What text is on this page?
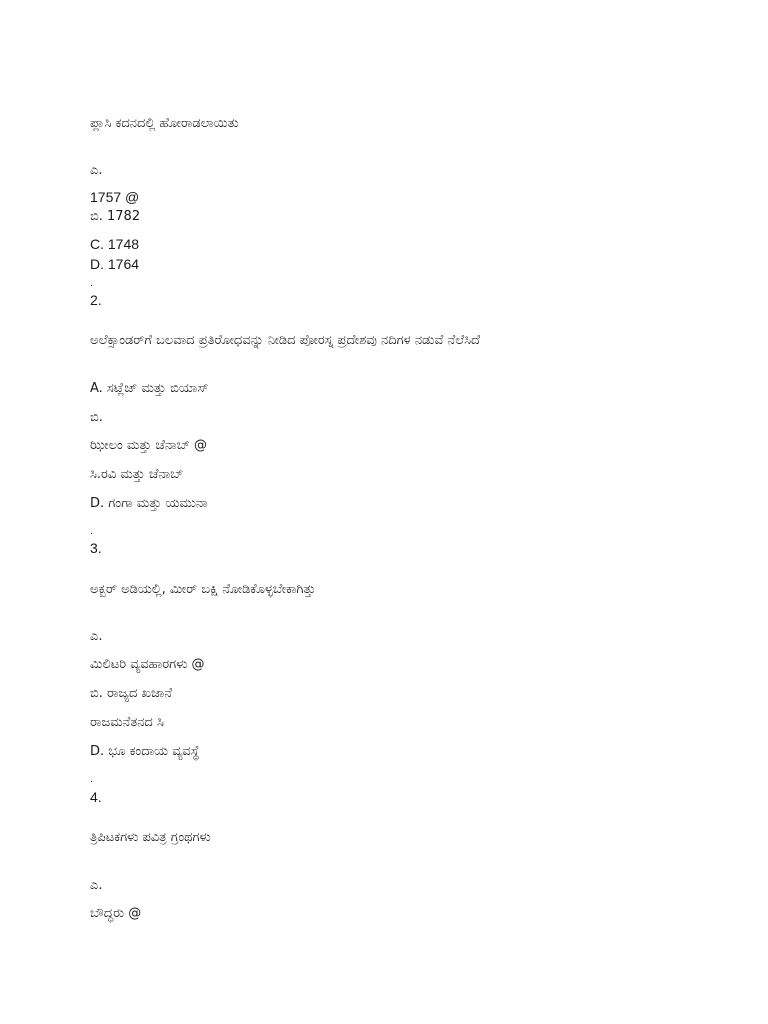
ಪ್ಲಾಸಿ ಕದನದಲ್ಲಿ ಹೋರಾಡಲಾಯಿತು
ಎ.
1757 @
ಬಿ. 1782
C. 1748
D. 1764
.
2.
ಅಲೆಕ್ಸಾಂಡರ್‌ಗೆ ಬಲವಾದ ಪ್ರತಿರೋಧವನ್ನು ನೀಡಿದ ಪೋರಸ್ನ ಪ್ರದೇಶವು ನದಿಗಳ ನಡುವೆ ನೆಲೆಸಿದೆ
A. ಸಟ್ಲೆಜ್ ಮತ್ತು ಬಿಯಾಸ್
ಬಿ.
ಝೀಲಂ ಮತ್ತು ಚೆನಾಬ್ @
ಸಿ.ರವಿ ಮತ್ತು ಚೆನಾಬ್
D. ಗಂಗಾ ಮತ್ತು ಯಮುನಾ
.
3.
ಅಕ್ಬರ್ ಅಡಿಯಲ್ಲಿ, ಮೀರ್ ಬಕ್ಷಿ ನೋಡಿಕೊಳ್ಳಬೇಕಾಗಿತ್ತು
ಎ.
ಮಿಲಿಟರಿ ವ್ಯವಹಾರಗಳು @
ಬಿ. ರಾಜ್ಯದ ಖಜಾನೆ
ರಾಜಮನೆತನದ ಸಿ
D. ಭೂ ಕಂದಾಯ ವ್ಯವಸ್ಥೆ
.
4.
ತ್ರಿಪಿಟಕಗಳು ಪವಿತ್ರ ಗ್ರಂಥಗಳು
ಎ.
ಬೌದ್ಧರು @
